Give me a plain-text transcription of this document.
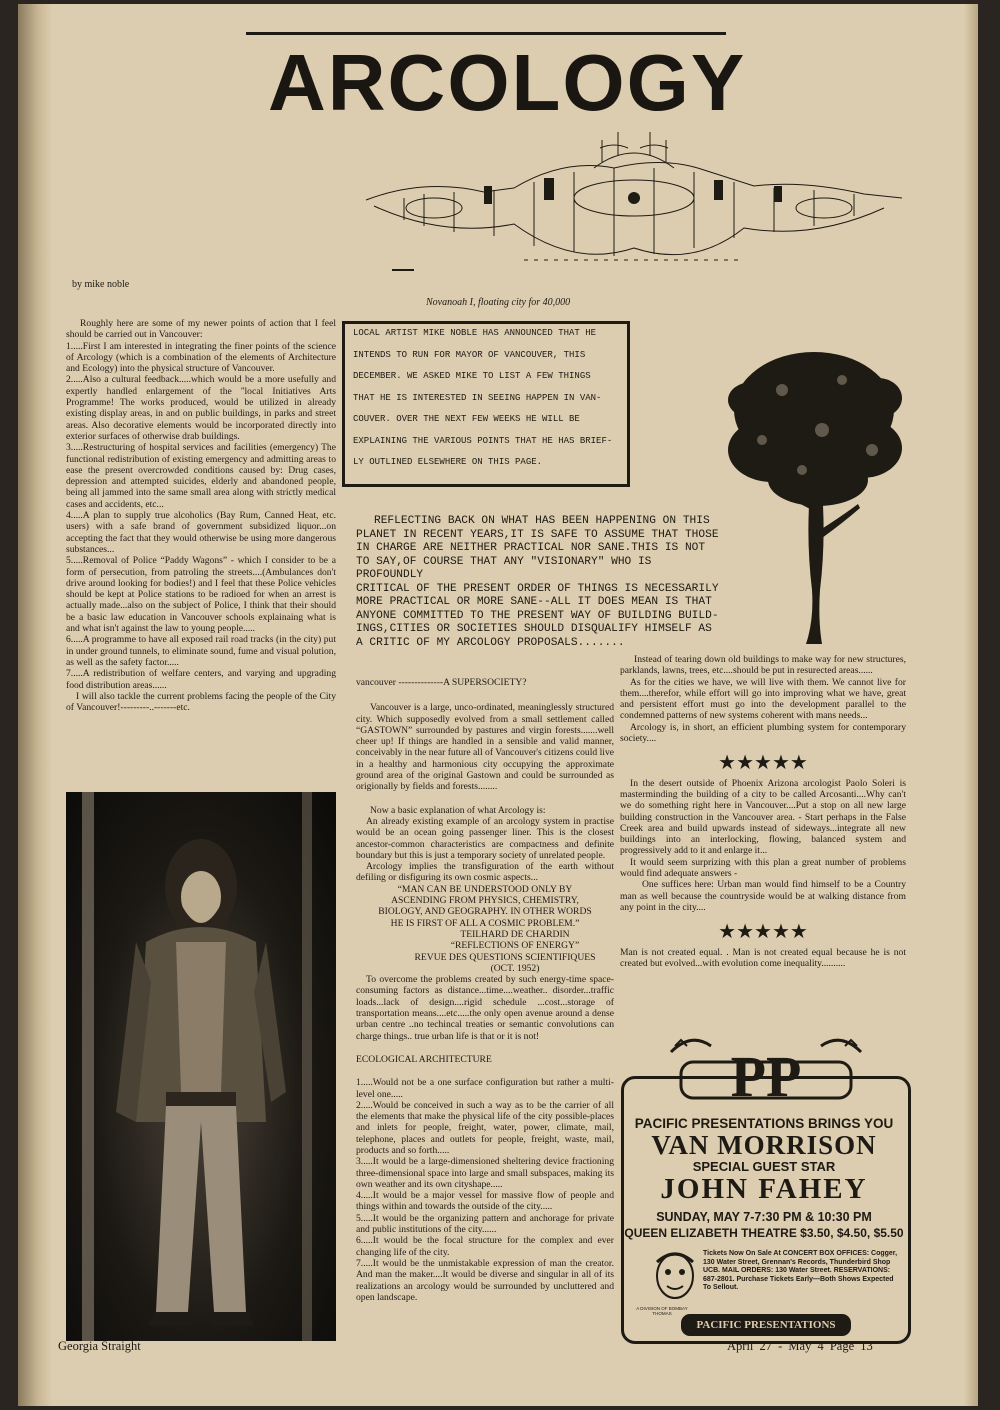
ARCOLOGY
Novanoah I, floating city for 40,000
by mike noble

Roughly here are some of my newer points of action that I feel should be carried out in Vancouver:

1.....First I am interested in integrating the finer points of the science of Arcology (which is a combination of the elements of Architecture and Ecology) into the physical structure of Vancouver.

2.....Also a cultural feedback.....which would be a more usefully and expertly handled enlargement of the ''local Initiatives Arts Programme! The works produced, would be utilized in already existing display areas, in and on public buildings, in parks and street areas. Also decorative elements would be incorporated directly into exterior surfaces of otherwise drab buildings.

3.....Restructuring of hospital services and facilities (emergency) The functional redistribution of existing emergency and admitting areas to ease the present overcrowded conditions caused by: Drug cases, depression and attempted suicides, elderly and abandoned people, being all jammed into the same small area along with strictly medical cases and accidents, etc...

4.....A plan to supply true alcoholics (Bay Rum, Canned Heat, etc. users) with a safe brand of government subsidized liquor...on accepting the fact that they would otherwise be using more dangerous substances...

5.....Removal of Police “Paddy Wagons” - which I consider to be a form of persecution, from patroling the streets....(Ambulances don't drive around looking for bodies!) and I feel that these Police vehicles should be kept at Police stations to be radioed for when an arrest is actually made...also on the subject of Police, I think that their should be a basic law education in Vancouver schools explainaing what is and what isn't against the law to young people.....

6.....A programme to have all exposed rail road tracks (in the city) put in under ground tunnels, to eliminate sound, fume and visual polution, as well as the safety factor.....

7.....A redistribution of welfare centers, and varying and upgrading food distribution areas......

I will also tackle the current problems facing the people of the City of Vancouver!---------..-------etc.

LOCAL ARTIST MIKE NOBLE HAS ANNOUNCED THAT HE

INTENDS TO RUN FOR MAYOR OF VANCOUVER, THIS

DECEMBER. WE ASKED MIKE TO LIST A FEW THINGS

THAT HE IS INTERESTED IN SEEING HAPPEN IN VAN-

COUVER. OVER THE NEXT FEW WEEKS HE WILL BE

EXPLAINING THE VARIOUS POINTS THAT HE HAS BRIEF-

LY OUTLINED ELSEWHERE ON THIS PAGE.

REFLECTING BACK ON WHAT HAS BEEN HAPPENING ON THIS
PLANET IN RECENT YEARS,IT IS SAFE TO ASSUME THAT THOSE
IN CHARGE ARE NEITHER PRACTICAL NOR SANE.THIS IS NOT
TO SAY,OF COURSE THAT ANY "VISIONARY" WHO IS PROFOUNDLY
CRITICAL OF THE PRESENT ORDER OF THINGS IS NECESSARILY
MORE PRACTICAL OR MORE SANE--ALL IT DOES MEAN IS THAT
ANYONE COMMITTED TO THE PRESENT WAY OF BUILDING BUILD-
INGS,CITIES OR SOCIETIES SHOULD DISQUALIFY HIMSELF AS
A CRITIC OF MY ARCOLOGY PROPOSALS.......

vancouver --------------A SUPERSOCIETY?

Vancouver is a large, unco-ordinated, meaninglessly structured city. Which supposedly evolved from a small settlement called “GASTOWN” surrounded by pastures and virgin forests.......well cheer up! If things are handled in a sensible and valid manner, conceivably in the near future all of Vancouver's citizens could live in a healthy and harmonious city occupying the approximate ground area of the original Gastown and could be surrounded as origionally by fields and forests........

Now a basic explanation of what Arcology is:

An already existing example of an arcology system in practise would be an ocean going passenger liner. This is the closest ancestor-common characteristics are compactness and definite boundary but this is just a temporary society of unrelated people.

Arcology implies the transfiguration of the earth without defiling or disfiguring its own cosmic aspects...

“MAN CAN BE UNDERSTOOD ONLY BY ASCENDING FROM PHYSICS, CHEMISTRY, BIOLOGY, AND GEOGRAPHY. IN OTHER WORDS HE IS FIRST OF ALL A COSMIC PROBLEM.”

TEILHARD DE CHARDIN

“REFLECTIONS OF ENERGY”

REVUE DES QUESTIONS SCIENTIFIQUES

(OCT. 1952)

To overcome the problems created by such energy-time space-consuming factors as distance...time....weather.. disorder...traffic loads...lack of design....rigid schedule ...cost...storage of transportation means....etc.....the only open avenue around a dense urban centre ..no techincal treaties or semantic convolutions can charge things.. true urban life is that or it is not!

ECOLOGICAL ARCHITECTURE

1.....Would not be a one surface configuration but rather a multi-level one.....

2.....Would be conceived in such a way as to be the carrier of all the elements that make the physical life of the city possible-places and inlets for people, freight, water, power, climate, mail, telephone, places and outlets for people, freight, waste, mail, products and so forth.....

3.....It would be a large-dimensioned sheltering device fractioning three-dimensional space into large and small subspaces, making its own weather and its own cityshape.....

4.....It would be a major vessel for massive flow of people and things within and towards the outside of the city.....

5.....It would be the organizing pattern and anchorage for private and public institutions of the city......

6.....It would be the focal structure for the complex and ever changing life of the city.

7.....It would be the unmistakable expression of man the creator. And man the maker....It would be diverse and singular in all of its realizations an arcology would be surrounded by uncluttered and open landscape.

Instead of tearing down old buildings to make way for new structures, parklands, lawns, trees, etc....should be put in resurected areas......

As for the cities we have, we will live with them. We cannot live for them....therefor, while effort will go into improving what we have, great and persistent effort must go into the development parallel to the condemned patterns of new systems coherent with mans needs...

Arcology is, in short, an efficient plumbing system for contemporary society....

★★★★★

In the desert outside of Phoenix Arizona arcologist Paolo Soleri is masterminding the building of a city to be called Arcosanti....Why can't we do something right here in Vancouver....Put a stop on all new large building construction in the Vancouver area. - Start perhaps in the False Creek area and build upwards instead of sideways...integrate all new buildings into an interlocking, flowing, balanced system and progressively add to it and enlarge it...

It would seem surprizing with this plan a great number of problems would find adequate answers -

One suffices here: Urban man would find himself to be a Country man as well because the countryside would be at walking distance from any point in the city....

★★★★★

Man is not created equal. . Man is not created equal because he is not created but evolved...with evolution come inequality..........

PP
PACIFIC PRESENTATIONS BRINGS YOU
VAN MORRISON
SPECIAL GUEST STAR
JOHN FAHEY
SUNDAY, MAY 7-7:30 PM & 10:30 PM
QUEEN ELIZABETH THEATRE $3.50, $4.50, $5.50
Tickets Now On Sale At CONCERT BOX OFFICES: Cogger, 130 Water Street, Grennan's Records, Thunderbird Shop UCB. MAIL ORDERS: 130 Water Street. RESERVATIONS: 687-2801. Purchase Tickets Early—Both Shows Expected To Sellout.
A DIVISION OF BOMBAY THOMAS
PACIFIC PRESENTATIONS
Georgia Straight	April 27 - May 4 Page 13
